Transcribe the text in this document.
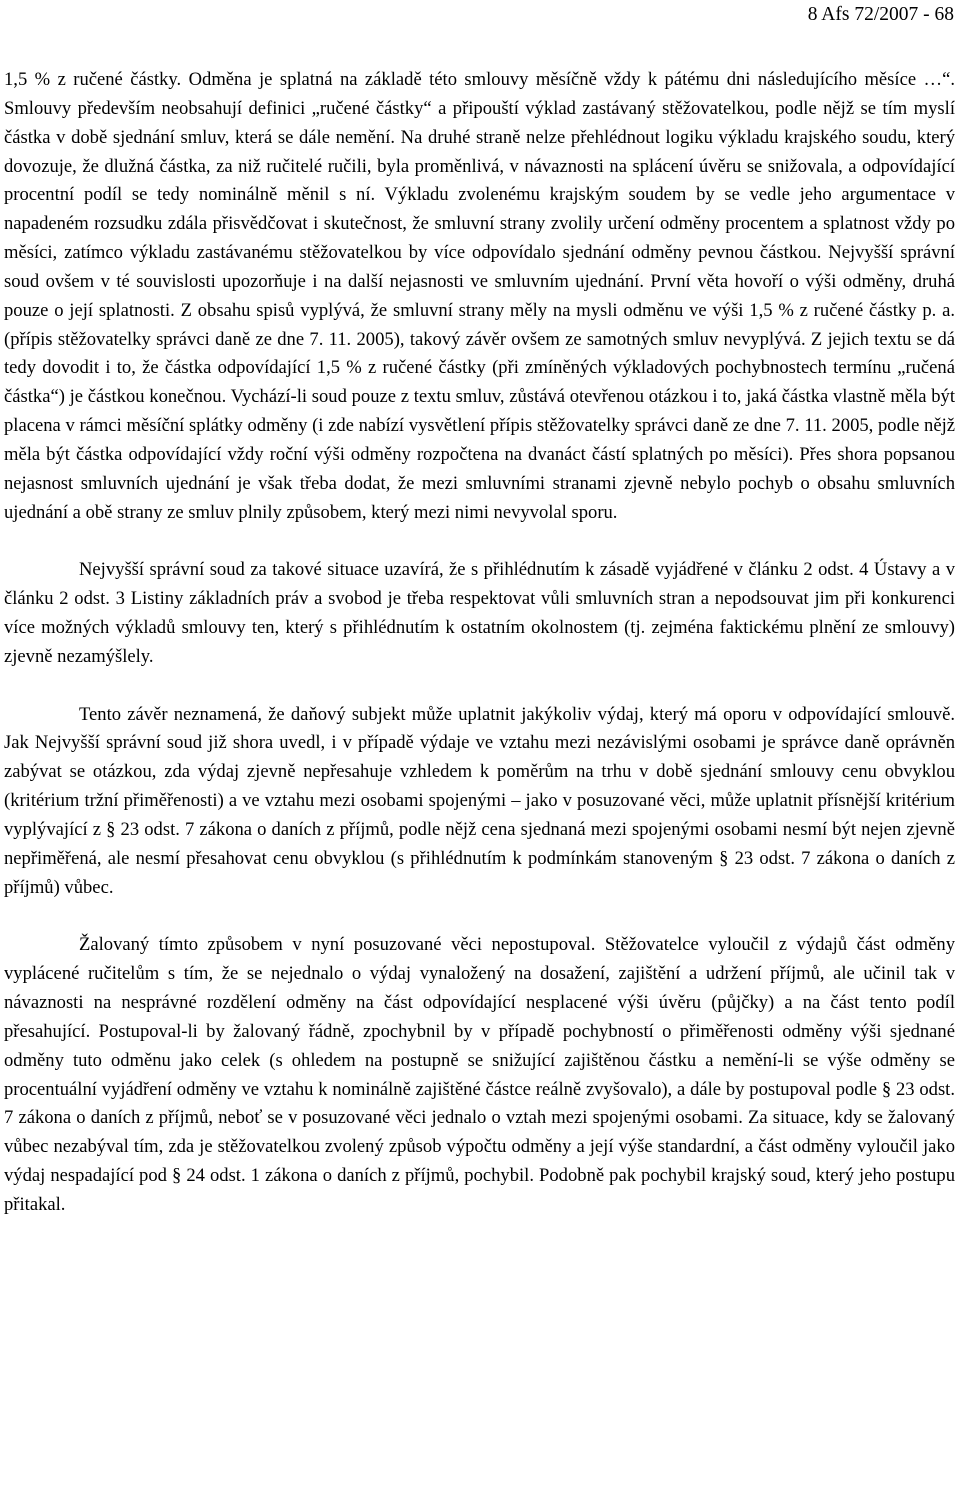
8 Afs 72/2007 - 68

1,5 % z ručené částky. Odměna je splatná na základě této smlouvy měsíčně vždy k pátému dni následujícího měsíce …“. Smlouvy především neobsahují definici „ručené částky“ a připouští výklad zastávaný stěžovatelkou, podle nějž se tím myslí částka v době sjednání smluv, která se dále nemění. Na druhé straně nelze přehlédnout logiku výkladu krajského soudu, který dovozuje, že dlužná částka, za niž ručitelé ručili, byla proměnlivá, v návaznosti na splácení úvěru se snižovala, a odpovídající procentní podíl se tedy nominálně měnil s ní. Výkladu zvolenému krajským soudem by se vedle jeho argumentace v napadeném rozsudku zdála přisvědčovat i skutečnost, že smluvní strany zvolily určení odměny procentem a splatnost vždy po měsíci, zatímco výkladu zastávanému stěžovatelkou by více odpovídalo sjednání odměny pevnou částkou. Nejvyšší správní soud ovšem v té souvislosti upozorňuje i na další nejasnosti ve smluvním ujednání. První věta hovoří o výši odměny, druhá pouze o její splatnosti. Z obsahu spisů vyplývá, že smluvní strany měly na mysli odměnu ve výši 1,5 % z ručené částky p. a. (přípis stěžovatelky správci daně ze dne 7. 11. 2005), takový závěr ovšem ze samotných smluv nevyplývá. Z jejich textu se dá tedy dovodit i to, že částka odpovídající 1,5 % z ručené částky (při zmíněných výkladových pochybnostech termínu „ručená částka“) je částkou konečnou. Vychází-li soud pouze z textu smluv, zůstává otevřenou otázkou i to, jaká částka vlastně měla být placena v rámci měsíční splátky odměny (i zde nabízí vysvětlení přípis stěžovatelky správci daně ze dne 7. 11. 2005, podle nějž měla být částka odpovídající vždy roční výši odměny rozpočtena na dvanáct částí splatných po měsíci). Přes shora popsanou nejasnost smluvních ujednání je však třeba dodat, že mezi smluvními stranami zjevně nebylo pochyb o obsahu smluvních ujednání a obě strany ze smluv plnily způsobem, který mezi nimi nevyvolal sporu.

Nejvyšší správní soud za takové situace uzavírá, že s přihlédnutím k zásadě vyjádřené v článku 2 odst. 4 Ústavy a v článku 2 odst. 3 Listiny základních práv a svobod je třeba respektovat vůli smluvních stran a nepodsouvat jim při konkurenci více možných výkladů smlouvy ten, který s přihlédnutím k ostatním okolnostem (tj. zejména faktickému plnění ze smlouvy) zjevně nezamýšlely.

Tento závěr neznamená, že daňový subjekt může uplatnit jakýkoliv výdaj, který má oporu v odpovídající smlouvě. Jak Nejvyšší správní soud již shora uvedl, i v případě výdaje ve vztahu mezi nezávislými osobami je správce daně oprávněn zabývat se otázkou, zda výdaj zjevně nepřesahuje vzhledem k poměrům na trhu v době sjednání smlouvy cenu obvyklou (kritérium tržní přiměřenosti) a ve vztahu mezi osobami spojenými – jako v posuzované věci, může uplatnit přísnější kritérium vyplývající z § 23 odst. 7 zákona o daních z příjmů, podle nějž cena sjednaná mezi spojenými osobami nesmí být nejen zjevně nepřiměřená, ale nesmí přesahovat cenu obvyklou (s přihlédnutím k podmínkám stanoveným § 23 odst. 7 zákona o daních z příjmů) vůbec.

Žalovaný tímto způsobem v nyní posuzované věci nepostupoval. Stěžovatelce vyloučil z výdajů část odměny vyplácené ručitelům s tím, že se nejednalo o výdaj vynaložený na dosažení, zajištění a udržení příjmů, ale učinil tak v návaznosti na nesprávné rozdělení odměny na část odpovídající nesplacené výši úvěru (půjčky) a na část tento podíl přesahující. Postupoval-li by žalovaný řádně, zpochybnil by v případě pochybností o přiměřenosti odměny výši sjednané odměny tuto odměnu jako celek (s ohledem na postupně se snižující zajištěnou částku a nemění-li se výše odměny se procentuální vyjádření odměny ve vztahu k nominálně zajištěné částce reálně zvyšovalo), a dále by postupoval podle § 23 odst. 7 zákona o daních z příjmů, neboť se v posuzované věci jednalo o vztah mezi spojenými osobami. Za situace, kdy se žalovaný vůbec nezabýval tím, zda je stěžovatelkou zvolený způsob výpočtu odměny a její výše standardní, a část odměny vyloučil jako výdaj nespadající pod § 24 odst. 1 zákona o daních z příjmů, pochybil. Podobně pak pochybil krajský soud, který jeho postupu přitakal.
